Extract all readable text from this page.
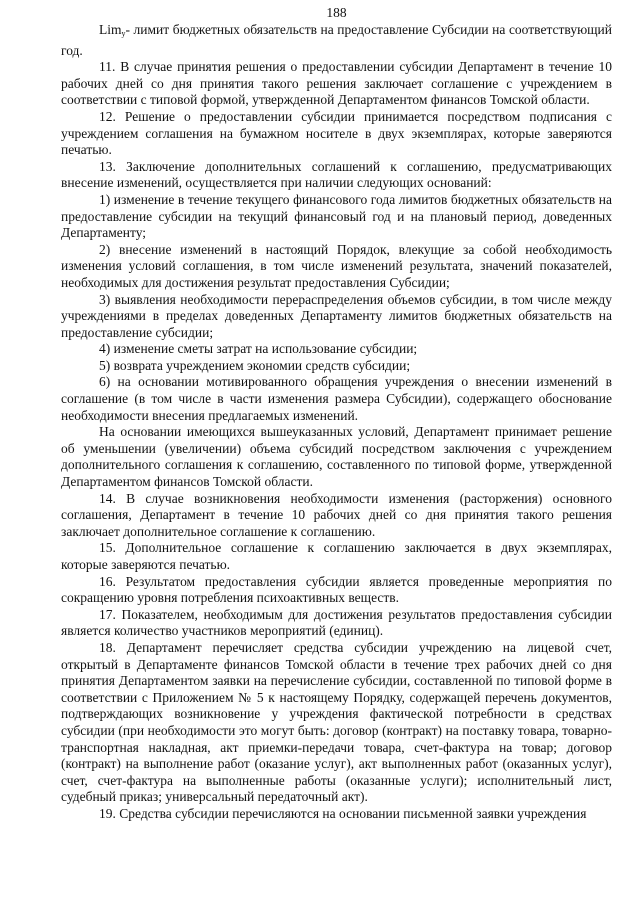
188

Lim$_y$- лимит бюджетных обязательств на предоставление Субсидии на соответствующий год.

11. В случае принятия решения о предоставлении субсидии Департамент в течение 10 рабочих дней со дня принятия такого решения заключает соглашение с учреждением в соответствии с типовой формой, утвержденной Департаментом финансов Томской области.

12. Решение о предоставлении субсидии принимается посредством подписания с учреждением соглашения на бумажном носителе в двух экземплярах, которые заверяются печатью.

13. Заключение дополнительных соглашений к соглашению, предусматривающих внесение изменений, осуществляется при наличии следующих оснований:

1) изменение в течение текущего финансового года лимитов бюджетных обязательств на предоставление субсидии на текущий финансовый год и на плановый период, доведенных Департаменту;

2) внесение изменений в настоящий Порядок, влекущие за собой необходимость изменения условий соглашения, в том числе изменений результата, значений показателей, необходимых для достижения результат предоставления Субсидии;

3) выявления необходимости перераспределения объемов субсидии, в том числе между учреждениями в пределах доведенных Департаменту лимитов бюджетных обязательств на предоставление субсидии;

4) изменение сметы затрат на использование субсидии;

5) возврата учреждением экономии средств субсидии;

6) на основании мотивированного обращения учреждения о внесении изменений в соглашение (в том числе в части изменения размера Субсидии), содержащего обоснование необходимости внесения предлагаемых изменений.

На основании имеющихся вышеуказанных условий, Департамент принимает решение об уменьшении (увеличении) объема субсидий посредством заключения с учреждением дополнительного соглашения к соглашению, составленного по типовой форме, утвержденной Департаментом финансов Томской области.

14. В случае возникновения необходимости изменения (расторжения) основного соглашения, Департамент в течение 10 рабочих дней со дня принятия такого решения заключает дополнительное соглашение к соглашению.

15. Дополнительное соглашение к соглашению заключается в двух экземплярах, которые заверяются печатью.

16. Результатом предоставления субсидии является проведенные мероприятия по сокращению уровня потребления психоактивных веществ.

17. Показателем, необходимым для достижения результатов предоставления субсидии является количество участников мероприятий (единиц).

18. Департамент перечисляет средства субсидии учреждению на лицевой счет, открытый в Департаменте финансов Томской области в течение трех рабочих дней со дня принятия Департаментом заявки на перечисление субсидии, составленной по типовой форме в соответствии с Приложением № 5 к настоящему Порядку, содержащей перечень документов, подтверждающих возникновение у учреждения фактической потребности в средствах субсидии (при необходимости это могут быть: договор (контракт) на поставку товара, товарно-транспортная накладная, акт приемки-передачи товара, счет-фактура на товар; договор (контракт) на выполнение работ (оказание услуг), акт выполненных работ (оказанных услуг), счет, счет-фактура на выполненные работы (оказанные услуги); исполнительный лист, судебный приказ; универсальный передаточный акт).

19. Средства субсидии перечисляются на основании письменной заявки учреждения
